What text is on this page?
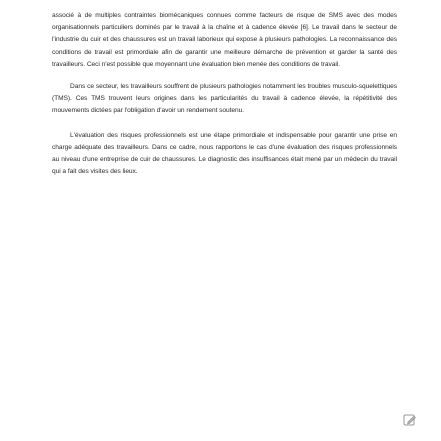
associé à de multiples contraintes biomécaniques connues comme facteurs de risque de SMS avec des modes organisationnels particuliers dominés par le travail à la chaîne et à cadence élevée [6]. Le travail dans le secteur de l'industrie du cuir et des chaussures est un travail laborieux qui expose à plusieurs pathologies. La reconnaissance des conditions de travail est primordiale afin de garantir une meilleure démarche de prévention et garder la santé des travailleurs. Ceci n'est possible que moyennant une évaluation bien menée des conditions de travail.

Dans ce secteur, les travailleurs souffrent de plusieurs pathologies notamment les troubles musculo-squelettiques (TMS). Ces TMS trouvent leurs origines dans les particularités du travail à cadence élevée, la répétitivité des mouvements dictées par l'obligation d'avoir un rendement soutenu.

L'évaluation des risques professionnels est une étape primordiale et indispensable pour garantir une prise en charge adéquate des travailleurs. Dans ce cadre, nous rapportons le cas d'une évaluation des risques professionnels au niveau d'une entreprise de cuir de chaussures. Le diagnostic des insuffisances était mené par un médecin du travail qui a fait des visites des lieux.
